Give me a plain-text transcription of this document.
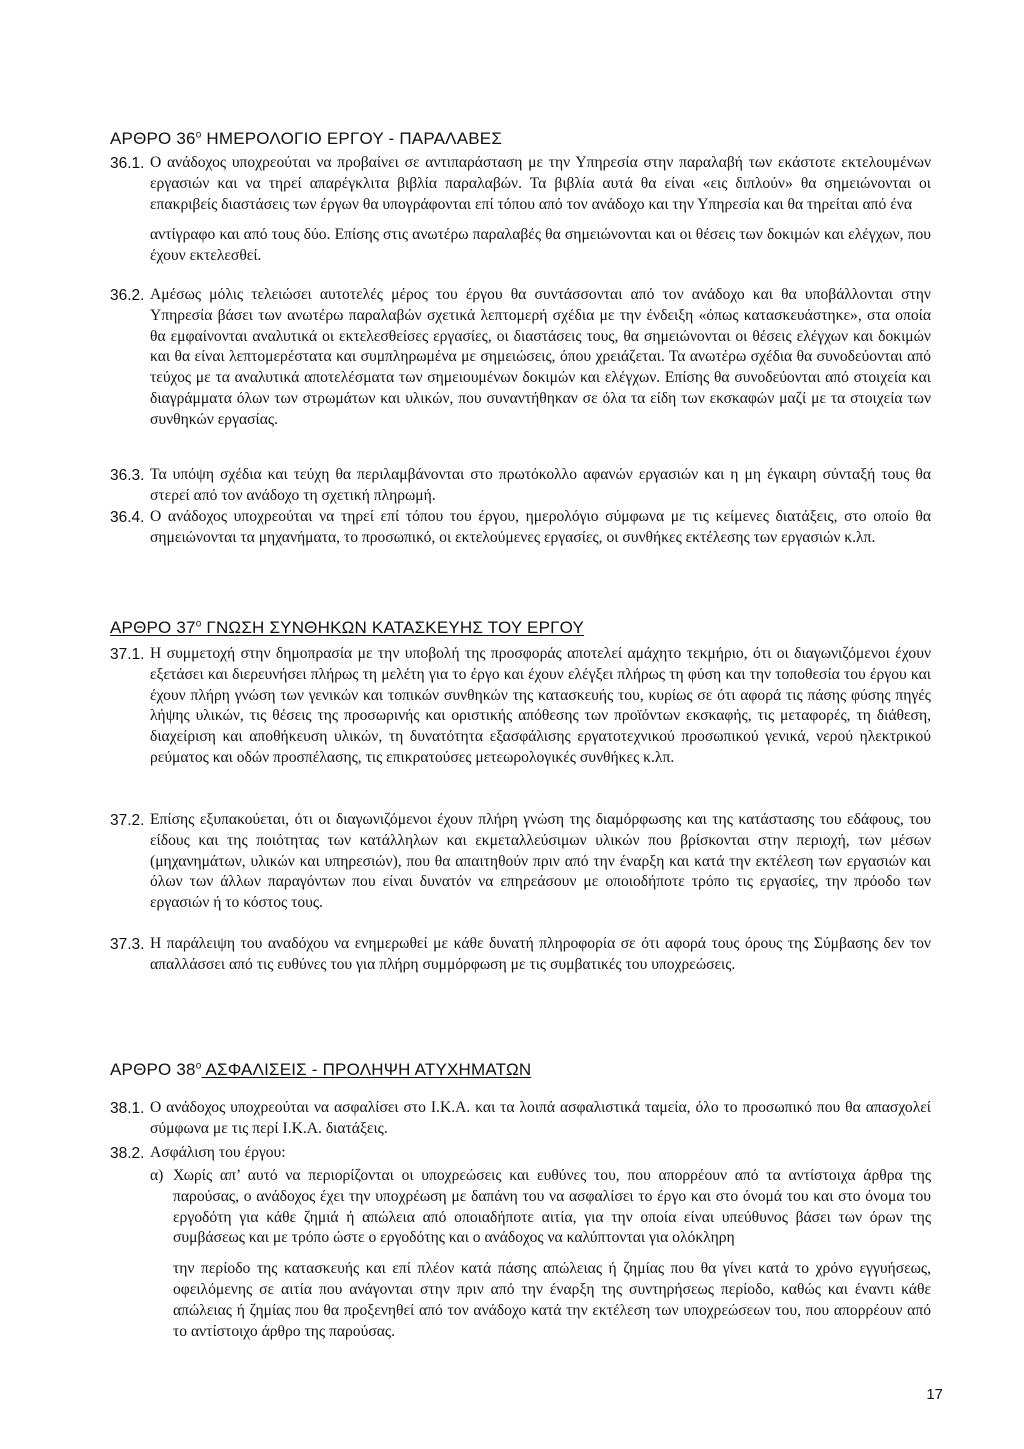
ΑΡΘΡΟ $36^o$ ΗΜΕΡΟΛΟΓΙΟ ΕΡΓΟΥ - ΠΑΡΑΛΑΒΕΣ
36.1. Ο ανάδοχος υποχρεούται να προβαίνει σε αντιπαράσταση με την Υπηρεσία στην παραλαβή των εκάστοτε εκτελουμένων εργασιών και να τηρεί απαρέγκλιτα βιβλία παραλαβών. Τα βιβλία αυτά θα είναι «εις διπλούν» θα σημειώνονται οι επακριβείς διαστάσεις των έργων θα υπογράφονται επί τόπου από τον ανάδοχο και την Υπηρεσία και θα τηρείται από ένα

αντίγραφο και από τους δύο. Επίσης στις ανωτέρω παραλαβές θα σημειώνονται και οι θέσεις των δοκιμών και ελέγχων, που έχουν εκτελεσθεί.

36.2. Αμέσως μόλις τελειώσει αυτοτελές μέρος του έργου θα συντάσσονται από τον ανάδοχο και θα υποβάλλονται στην Υπηρεσία βάσει των ανωτέρω παραλαβών σχετικά λεπτομερή σχέδια με την ένδειξη «όπως κατασκευάστηκε», στα οποία θα εμφαίνονται αναλυτικά οι εκτελεσθείσες εργασίες, οι διαστάσεις τους, θα σημειώνονται οι θέσεις ελέγχων και δοκιμών και θα είναι λεπτομερέστατα και συμπληρωμένα με σημειώσεις, όπου χρειάζεται. Τα ανωτέρω σχέδια θα συνοδεύονται από τεύχος με τα αναλυτικά αποτελέσματα των σημειουμένων δοκιμών και ελέγχων. Επίσης θα συνοδεύονται από στοιχεία και διαγράμματα όλων των στρωμάτων και υλικών, που συναντήθηκαν σε όλα τα είδη των εκσκαφών μαζί με τα στοιχεία των συνθηκών εργασίας.
36.3. Τα υπόψη σχέδια και τεύχη θα περιλαμβάνονται στο πρωτόκολλο αφανών εργασιών και η μη έγκαιρη σύνταξή τους θα στερεί από τον ανάδοχο τη σχετική πληρωμή.
36.4. Ο ανάδοχος υποχρεούται να τηρεί επί τόπου του έργου, ημερολόγιο σύμφωνα με τις κείμενες διατάξεις, στο οποίο θα σημειώνονται τα μηχανήματα, το προσωπικό, οι εκτελούμενες εργασίες, οι συνθήκες εκτέλεσης των εργασιών κ.λπ.
ΑΡΘΡΟ $37^o$ ΓΝΩΣΗ ΣΥΝΘΗΚΩΝ ΚΑΤΑΣΚΕΥΗΣ ΤΟΥ ΕΡΓΟΥ
37.1. Η συμμετοχή στην δημοπρασία με την υποβολή της προσφοράς αποτελεί αμάχητο τεκμήριο, ότι οι διαγωνιζόμενοι έχουν εξετάσει και διερευνήσει πλήρως τη μελέτη για το έργο και έχουν ελέγξει πλήρως τη φύση και την τοποθεσία του έργου και έχουν πλήρη γνώση των γενικών και τοπικών συνθηκών της κατασκευής του, κυρίως σε ότι αφορά τις πάσης φύσης πηγές λήψης υλικών, τις θέσεις της προσωρινής και οριστικής απόθεσης των προϊόντων εκσκαφής, τις μεταφορές, τη διάθεση, διαχείριση και αποθήκευση υλικών, τη δυνατότητα εξασφάλισης εργατοτεχνικού προσωπικού γενικά, νερού ηλεκτρικού ρεύματος και οδών προσπέλασης, τις επικρατούσες μετεωρολογικές συνθήκες κ.λπ.
37.2. Επίσης εξυπακούεται, ότι οι διαγωνιζόμενοι έχουν πλήρη γνώση της διαμόρφωσης και της κατάστασης του εδάφους, του είδους και της ποιότητας των κατάλληλων και εκμεταλλεύσιμων υλικών που βρίσκονται στην περιοχή, των μέσων (μηχανημάτων, υλικών και υπηρεσιών), που θα απαιτηθούν πριν από την έναρξη και κατά την εκτέλεση των εργασιών και όλων των άλλων παραγόντων που είναι δυνατόν να επηρεάσουν με οποιοδήποτε τρόπο τις εργασίες, την πρόοδο των εργασιών ή το κόστος τους.
37.3. Η παράλειψη του αναδόχου να ενημερωθεί με κάθε δυνατή πληροφορία σε ότι αφορά τους όρους της Σύμβασης δεν τον απαλλάσσει από τις ευθύνες του για πλήρη συμμόρφωση με τις συμβατικές του υποχρεώσεις.
ΑΡΘΡΟ $38^o$ ΑΣΦΑΛΙΣΕΙΣ - ΠΡΟΛΗΨΗ ΑΤΥΧΗΜΑΤΩΝ
38.1. Ο ανάδοχος υποχρεούται να ασφαλίσει στο Ι.Κ.Α. και τα λοιπά ασφαλιστικά ταμεία, όλο το προσωπικό που θα απασχολεί σύμφωνα με τις περί Ι.Κ.Α. διατάξεις.
38.2. Ασφάλιση του έργου:
α) Χωρίς απ’ αυτό να περιορίζονται οι υποχρεώσεις και ευθύνες του, που απορρέουν από τα αντίστοιχα άρθρα της παρούσας, ο ανάδοχος έχει την υποχρέωση με δαπάνη του να ασφαλίσει το έργο και στο όνομά του και στο όνομα του εργοδότη για κάθε ζημιά ή απώλεια από οποιαδήποτε αιτία, για την οποία είναι υπεύθυνος βάσει των όρων της συμβάσεως και με τρόπο ώστε ο εργοδότης και ο ανάδοχος να καλύπτονται για ολόκληρη

την περίοδο της κατασκευής και επί πλέον κατά πάσης απώλειας ή ζημίας που θα γίνει κατά το χρόνο εγγυήσεως, οφειλόμενης σε αιτία που ανάγονται στην πριν από την έναρξη της συντηρήσεως περίοδο, καθώς και έναντι κάθε απώλειας ή ζημίας που θα προξενηθεί από τον ανάδοχο κατά την εκτέλεση των υποχρεώσεων του, που απορρέουν από το αντίστοιχο άρθρο της παρούσας.

17
